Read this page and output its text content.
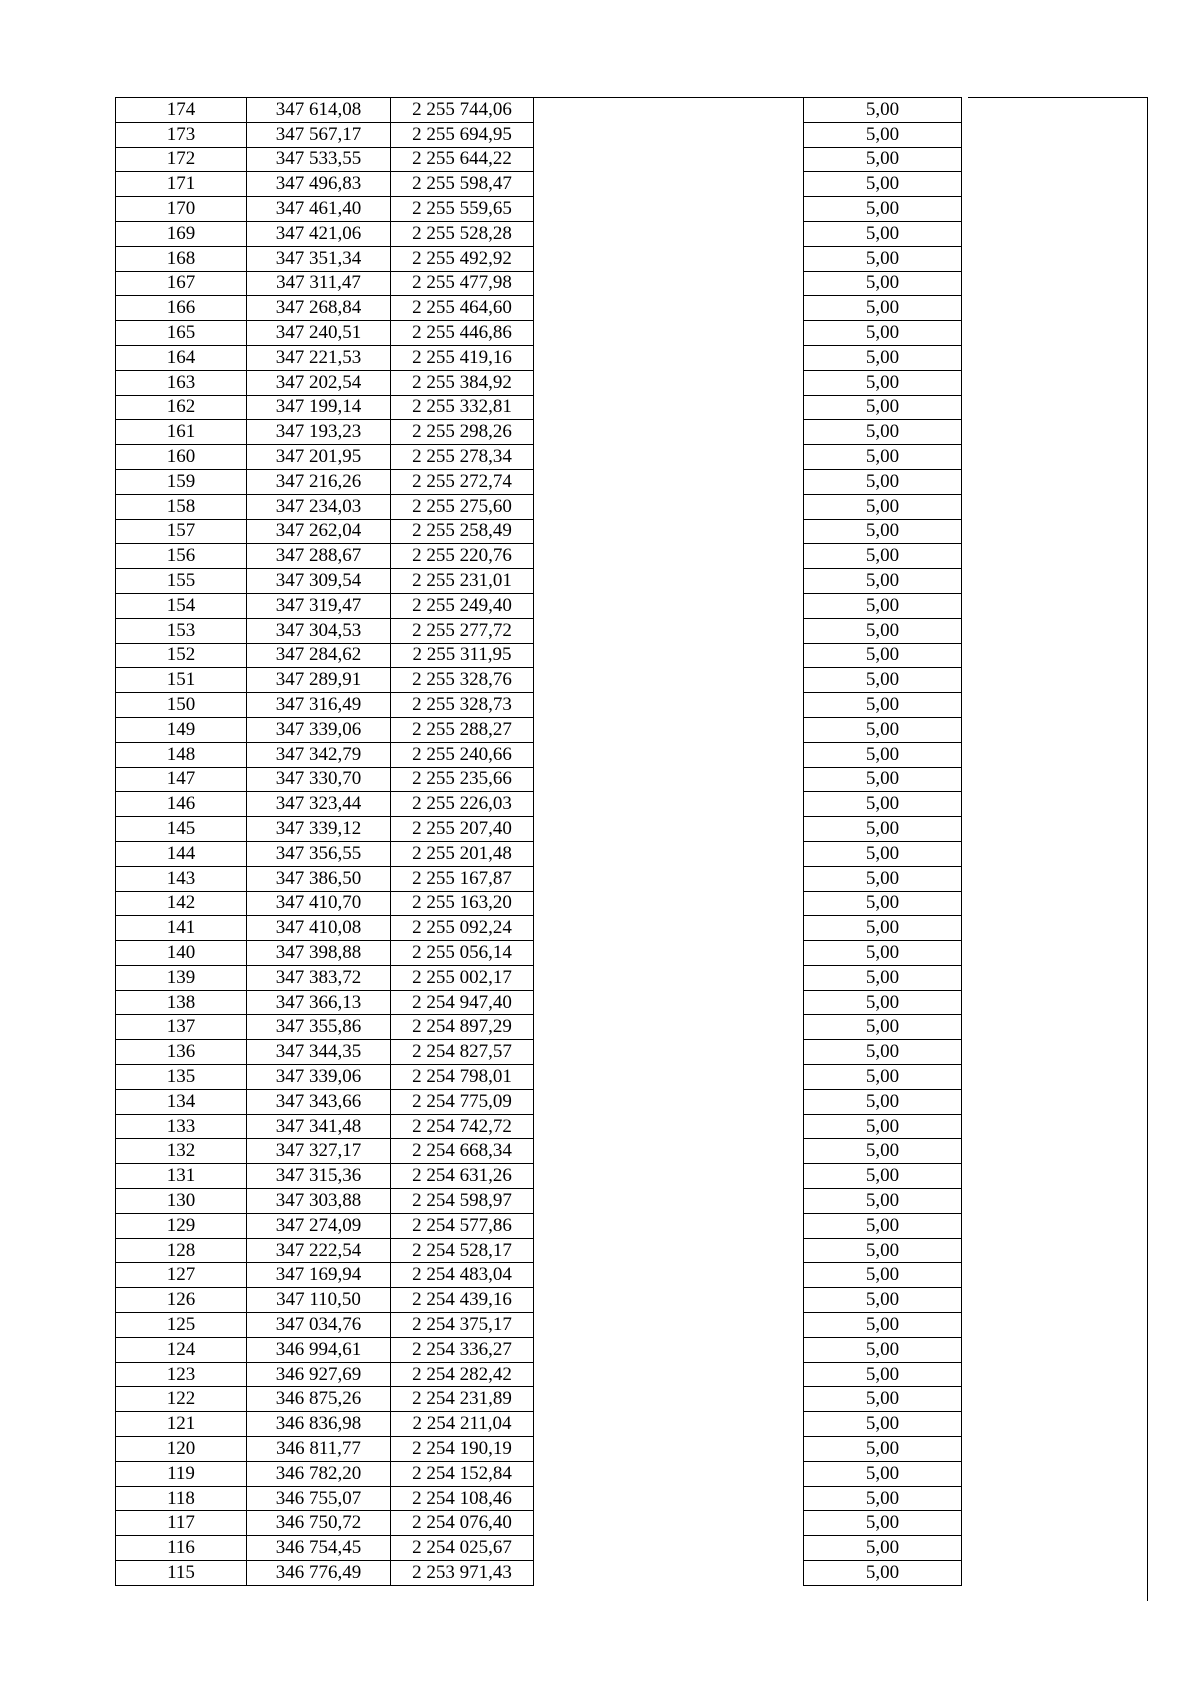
174	347 614,08	2 255 744,06		5,00	
173	347 567,17	2 255 694,95		5,00	
172	347 533,55	2 255 644,22		5,00	
171	347 496,83	2 255 598,47		5,00	
170	347 461,40	2 255 559,65		5,00	
169	347 421,06	2 255 528,28		5,00	
168	347 351,34	2 255 492,92		5,00	
167	347 311,47	2 255 477,98		5,00	
166	347 268,84	2 255 464,60		5,00	
165	347 240,51	2 255 446,86		5,00	
164	347 221,53	2 255 419,16		5,00	
163	347 202,54	2 255 384,92		5,00	
162	347 199,14	2 255 332,81		5,00	
161	347 193,23	2 255 298,26		5,00	
160	347 201,95	2 255 278,34		5,00	
159	347 216,26	2 255 272,74		5,00	
158	347 234,03	2 255 275,60		5,00	
157	347 262,04	2 255 258,49		5,00	
156	347 288,67	2 255 220,76		5,00	
155	347 309,54	2 255 231,01		5,00	
154	347 319,47	2 255 249,40		5,00	
153	347 304,53	2 255 277,72		5,00	
152	347 284,62	2 255 311,95		5,00	
151	347 289,91	2 255 328,76		5,00	
150	347 316,49	2 255 328,73		5,00	
149	347 339,06	2 255 288,27		5,00	
148	347 342,79	2 255 240,66		5,00	
147	347 330,70	2 255 235,66		5,00	
146	347 323,44	2 255 226,03		5,00	
145	347 339,12	2 255 207,40		5,00	
144	347 356,55	2 255 201,48		5,00	
143	347 386,50	2 255 167,87		5,00	
142	347 410,70	2 255 163,20		5,00	
141	347 410,08	2 255 092,24		5,00	
140	347 398,88	2 255 056,14		5,00	
139	347 383,72	2 255 002,17		5,00	
138	347 366,13	2 254 947,40		5,00	
137	347 355,86	2 254 897,29		5,00	
136	347 344,35	2 254 827,57		5,00	
135	347 339,06	2 254 798,01		5,00	
134	347 343,66	2 254 775,09		5,00	
133	347 341,48	2 254 742,72		5,00	
132	347 327,17	2 254 668,34		5,00	
131	347 315,36	2 254 631,26		5,00	
130	347 303,88	2 254 598,97		5,00	
129	347 274,09	2 254 577,86		5,00	
128	347 222,54	2 254 528,17		5,00	
127	347 169,94	2 254 483,04		5,00	
126	347 110,50	2 254 439,16		5,00	
125	347 034,76	2 254 375,17		5,00	
124	346 994,61	2 254 336,27		5,00	
123	346 927,69	2 254 282,42		5,00	
122	346 875,26	2 254 231,89		5,00	
121	346 836,98	2 254 211,04		5,00	
120	346 811,77	2 254 190,19		5,00	
119	346 782,20	2 254 152,84		5,00	
118	346 755,07	2 254 108,46		5,00	
117	346 750,72	2 254 076,40		5,00	
116	346 754,45	2 254 025,67		5,00	
115	346 776,49	2 253 971,43		5,00	
